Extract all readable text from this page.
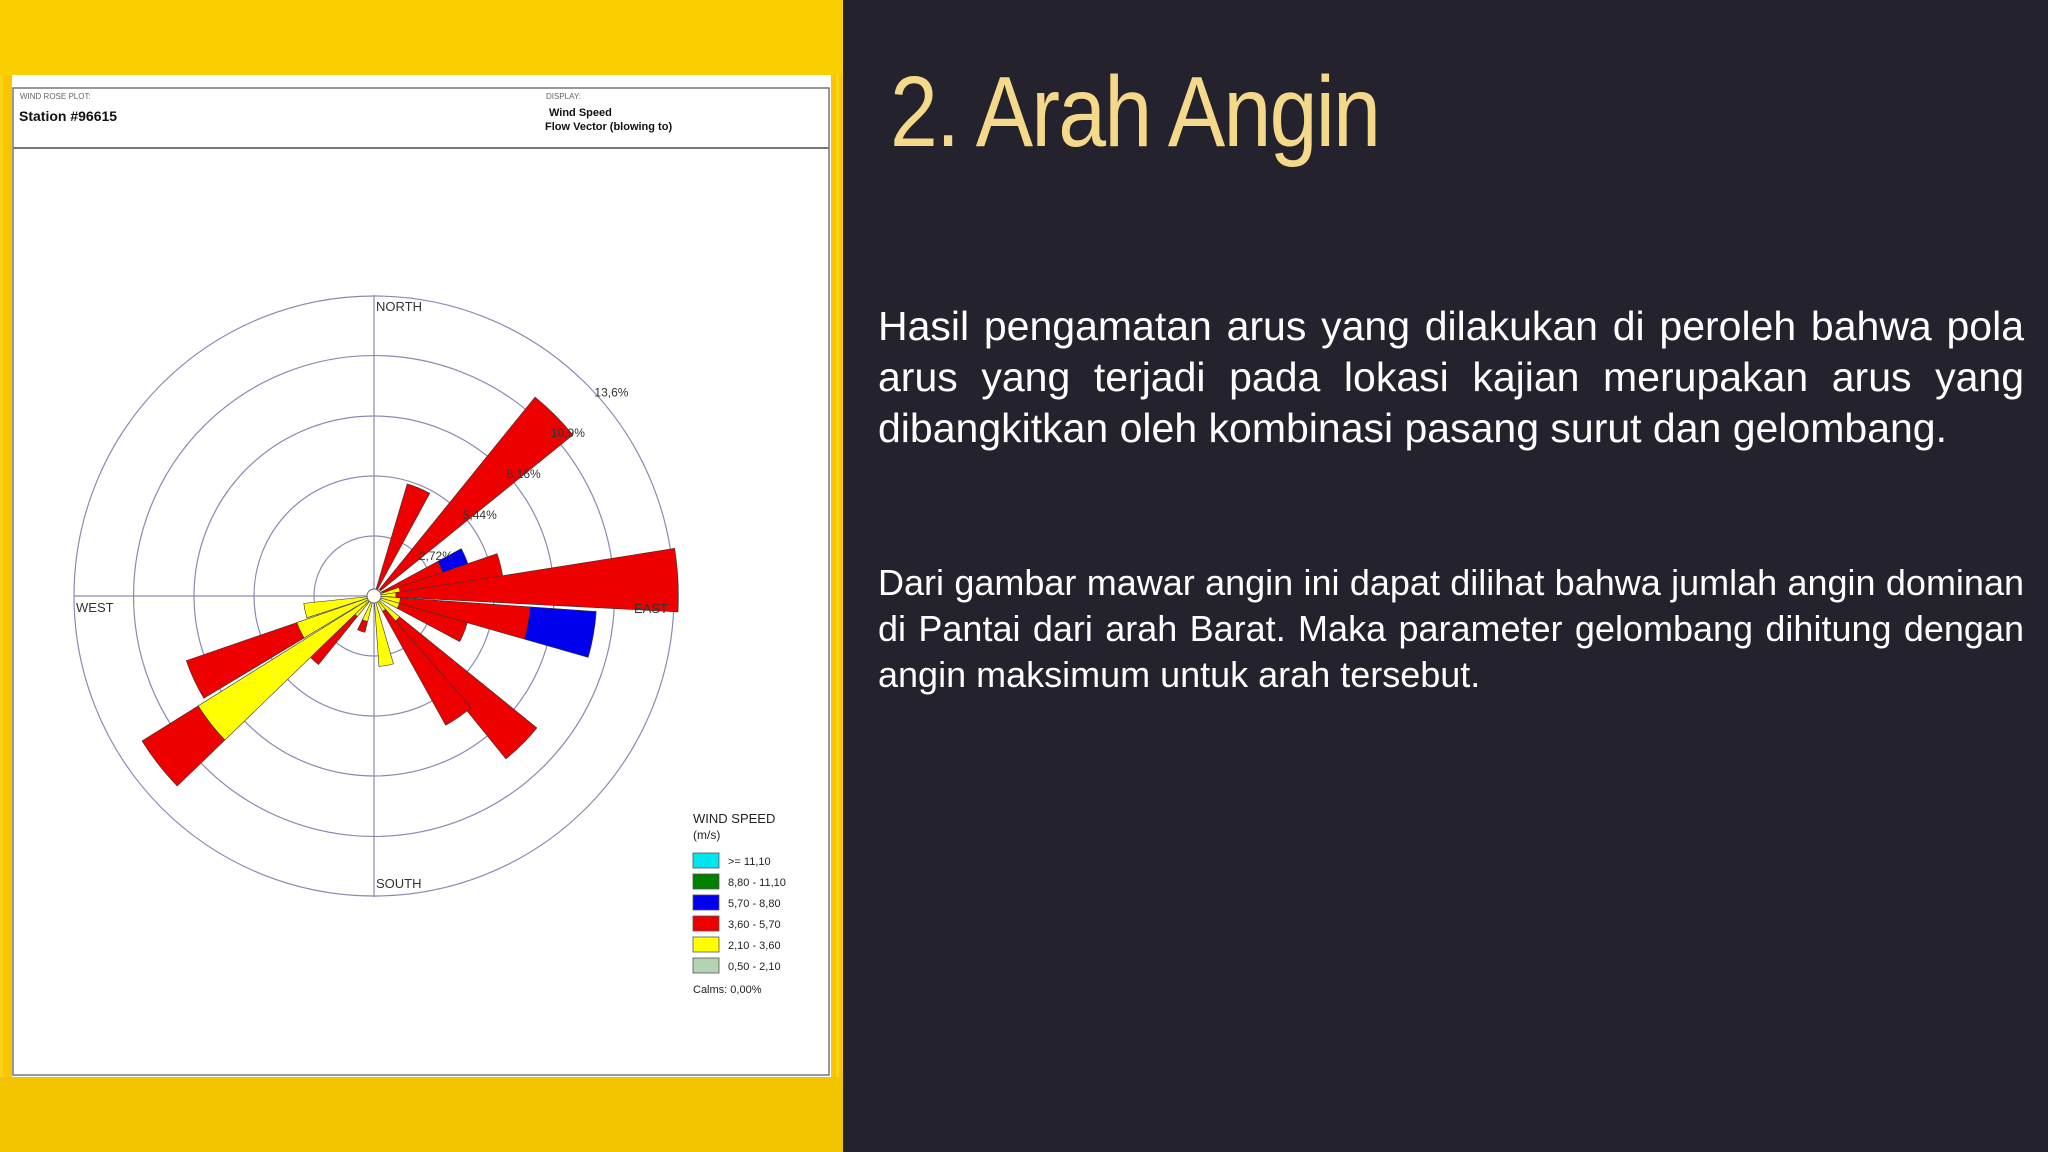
WIND ROSE PLOT:
Station #96615
DISPLAY:
Wind Speed
Flow Vector (blowing to)
2,72%
5,44%
8,16%
10,9%
13,6%
NORTH
SOUTH
WEST	EAST
WIND SPEED
(m/s)
>= 11,10
8,80 - 11,10
5,70 - 8,80
3,60 - 5,70
2,10 - 3,60
0,50 - 2,10
Calms: 0,00%
2. Arah Angin

Hasil pengamatan arus yang dilakukan di peroleh bahwa pola arus yang terjadi pada lokasi kajian merupakan arus yang dibangkitkan oleh kombinasi pasang surut dan gelombang.

Dari gambar mawar angin ini dapat dilihat bahwa jumlah angin dominan di Pantai dari arah Barat. Maka parameter gelombang dihitung dengan angin maksimum untuk arah tersebut.
